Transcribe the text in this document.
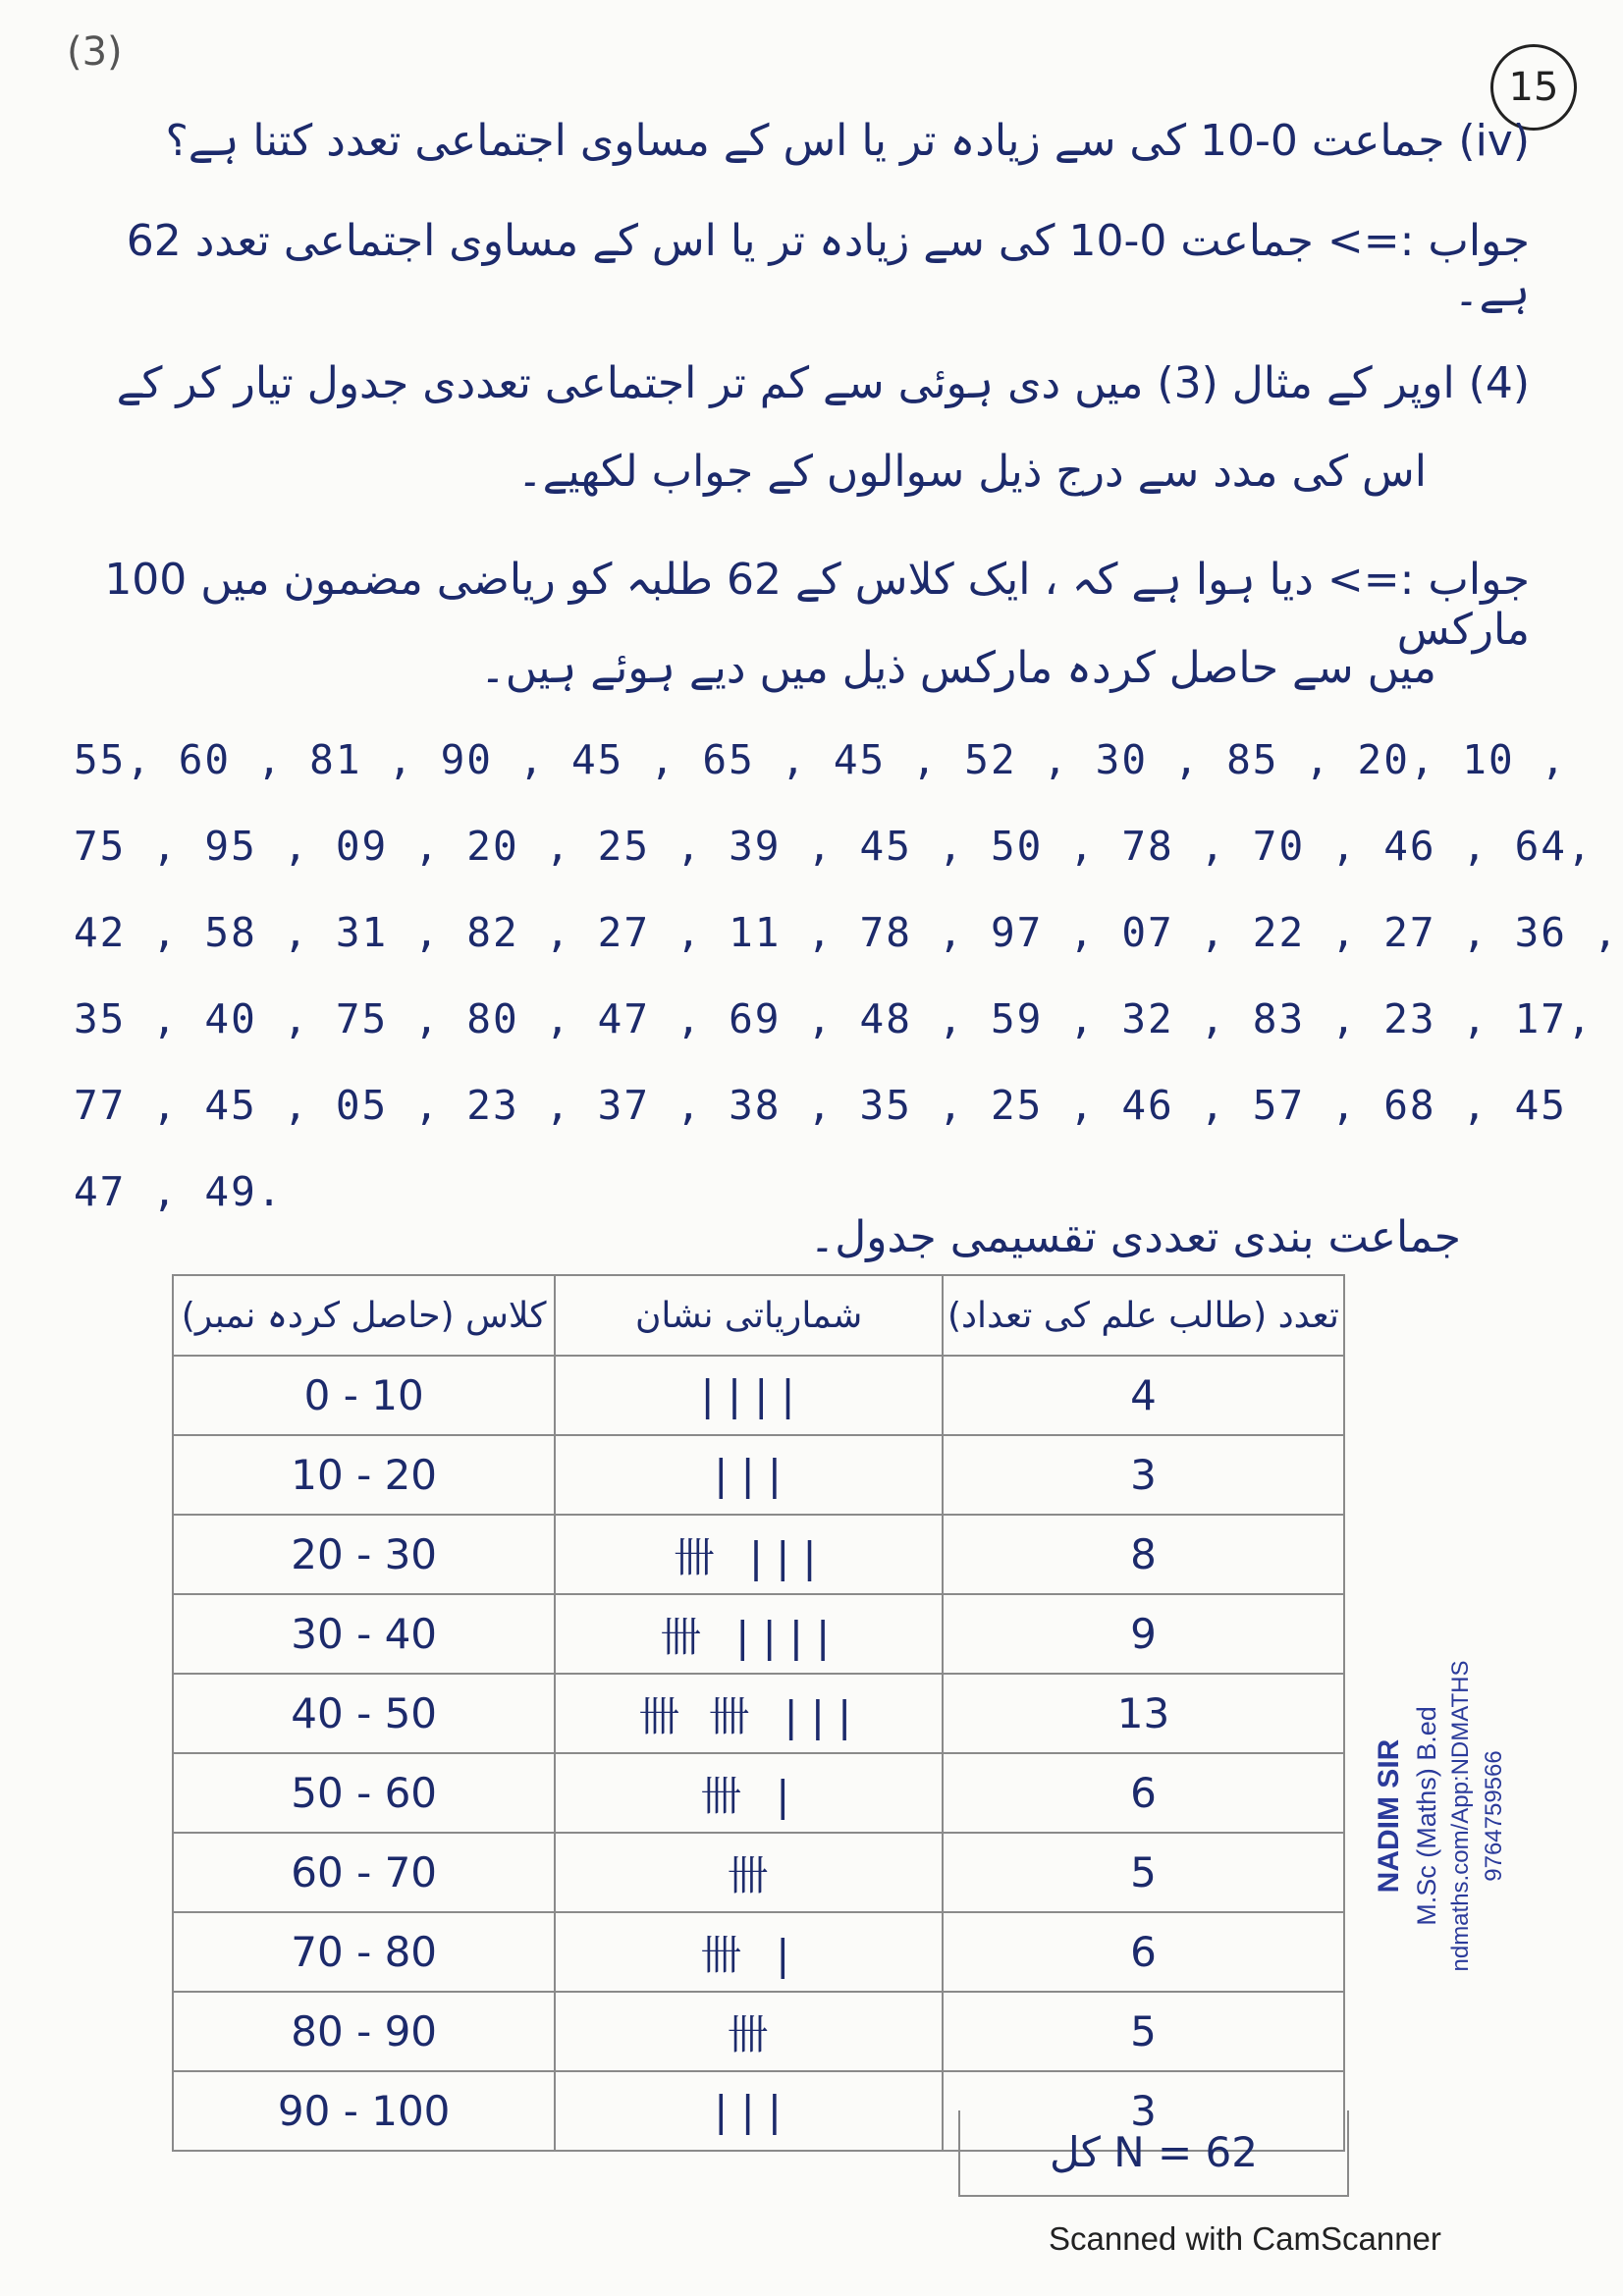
(3)
15
(iv) جماعت 0-10 کی سے زیادہ تر یا اس کے مساوی اجتماعی تعدد کتنا ہے؟
جواب :=> جماعت 0-10 کی سے زیادہ تر یا اس کے مساوی اجتماعی تعدد 62 ہے۔
(4) اوپر کے مثال (3) میں دی ہوئی سے کم تر اجتماعی تعددی جدول تیار کر کے
اس کی مدد سے درج ذیل سوالوں کے جواب لکھیے۔
جواب :=> دیا ہوا ہے کہ ، ایک کلاس کے 62 طلبہ کو ریاضی مضمون میں 100 مارکس
میں سے حاصل کردہ مارکس ذیل میں دیے ہوئے ہیں۔
55, 60 , 81 , 90 , 45 , 65 , 45 , 52 , 30 , 85 , 20, 10 ,
75 , 95 , 09 , 20 , 25 , 39 , 45 , 50 , 78 , 70 , 46 , 64,
42 , 58 , 31 , 82 , 27 , 11 , 78 , 97 , 07 , 22 , 27 , 36 ,
35 , 40 , 75 , 80 , 47 , 69 , 48 , 59 , 32 , 83 , 23 , 17,
77 , 45 , 05 , 23 , 37 , 38 , 35 , 25 , 46 , 57 , 68 , 45
47 , 49.
جماعت بندی تعددی تقسیمی جدول۔
کلاس (حاصل کردہ نمبر)	شماریاتی نشان	تعدد (طالب علم کی تعداد)
0 - 10	||||	4
10 - 20	|||	3
20 - 30	卌 |||	8
30 - 40	卌 ||||	9
40 - 50	卌 卌 |||	13
50 - 60	卌 |	6
60 - 70	卌	5
70 - 80	卌 |	6
80 - 90	卌	5
90 - 100	|||	3
کل N = 62
NADIM SIR M.Sc (Maths) B.ed ndmaths.com/App:NDMATHS 9764759566
Scanned with CamScanner
